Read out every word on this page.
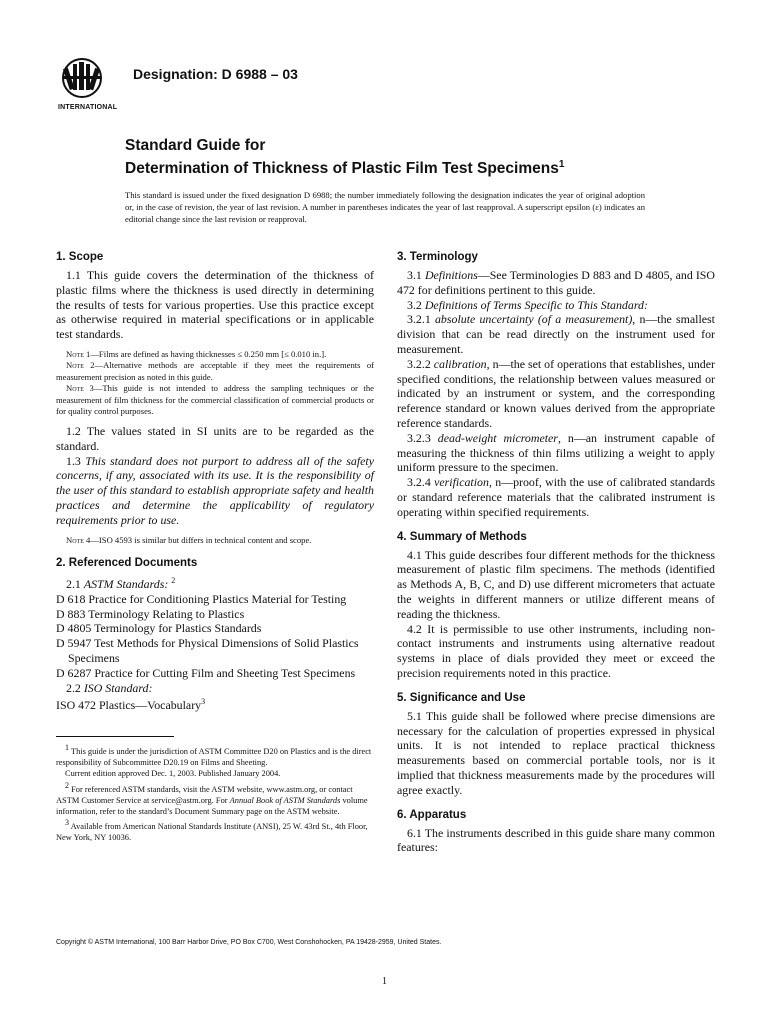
INTERNATIONAL
Designation: D 6988 – 03
Standard Guide for
Determination of Thickness of Plastic Film Test Specimens$^1$

This standard is issued under the fixed designation D 6988; the number immediately following the designation indicates the year of original adoption or, in the case of revision, the year of last revision. A number in parentheses indicates the year of last reapproval. A superscript epsilon (ε) indicates an editorial change since the last revision or reapproval.

1. Scope

1.1 This guide covers the determination of the thickness of plastic films where the thickness is used directly in determining the results of tests for various properties. Use this practice except as otherwise required in material specifications or in applicable test standards.

Note 1—Films are defined as having thicknesses ≤ 0.250 mm [≤ 0.010 in.].

Note 2—Alternative methods are acceptable if they meet the requirements of measurement precision as noted in this guide.

Note 3—This guide is not intended to address the sampling techniques or the measurement of film thickness for the commercial classification of commercial products or for quality control purposes.

1.2 The values stated in SI units are to be regarded as the standard.

1.3 This standard does not purport to address all of the safety concerns, if any, associated with its use. It is the responsibility of the user of this standard to establish appropriate safety and health practices and determine the applicability of regulatory requirements prior to use.

Note 4—ISO 4593 is similar but differs in technical content and scope.

2. Referenced Documents

2.1 ASTM Standards: $^2$

D 618 Practice for Conditioning Plastics Material for Testing

D 883 Terminology Relating to Plastics

D 4805 Terminology for Plastics Standards

D 5947 Test Methods for Physical Dimensions of Solid Plastics Specimens

D 6287 Practice for Cutting Film and Sheeting Test Specimens

2.2 ISO Standard:

ISO 472 Plastics—Vocabulary$^3$

$^1$ This guide is under the jurisdiction of ASTM Committee D20 on Plastics and is the direct responsibility of Subcommittee D20.19 on Films and Sheeting.

Current edition approved Dec. 1, 2003. Published January 2004.

$^2$ For referenced ASTM standards, visit the ASTM website, www.astm.org, or contact ASTM Customer Service at service@astm.org. For Annual Book of ASTM Standards volume information, refer to the standard’s Document Summary page on the ASTM website.

$^3$ Available from American National Standards Institute (ANSI), 25 W. 43rd St., 4th Floor, New York, NY 10036.

3. Terminology

3.1 Definitions—See Terminologies D 883 and D 4805, and ISO 472 for definitions pertinent to this guide.

3.2 Definitions of Terms Specific to This Standard:

3.2.1 absolute uncertainty (of a measurement), n—the smallest division that can be read directly on the instrument used for measurement.

3.2.2 calibration, n—the set of operations that establishes, under specified conditions, the relationship between values measured or indicated by an instrument or system, and the corresponding reference standard or known values derived from the appropriate reference standards.

3.2.3 dead-weight micrometer, n—an instrument capable of measuring the thickness of thin films utilizing a weight to apply uniform pressure to the specimen.

3.2.4 verification, n—proof, with the use of calibrated standards or standard reference materials that the calibrated instrument is operating within specified requirements.

4. Summary of Methods

4.1 This guide describes four different methods for the thickness measurement of plastic film specimens. The methods (identified as Methods A, B, C, and D) use different micrometers that actuate the weights in different manners or utilize different means of reading the thickness.

4.2 It is permissible to use other instruments, including non-contact instruments and instruments using alternative readout systems in place of dials provided they meet or exceed the precision requirements noted in this practice.

5. Significance and Use

5.1 This guide shall be followed where precise dimensions are necessary for the calculation of properties expressed in physical units. It is not intended to replace practical thickness measurements based on commercial portable tools, nor is it implied that thickness measurements made by the procedures will agree exactly.

6. Apparatus

6.1 The instruments described in this guide share many common features:

Copyright © ASTM International, 100 Barr Harbor Drive, PO Box C700, West Conshohocken, PA 19428-2959, United States.
1
